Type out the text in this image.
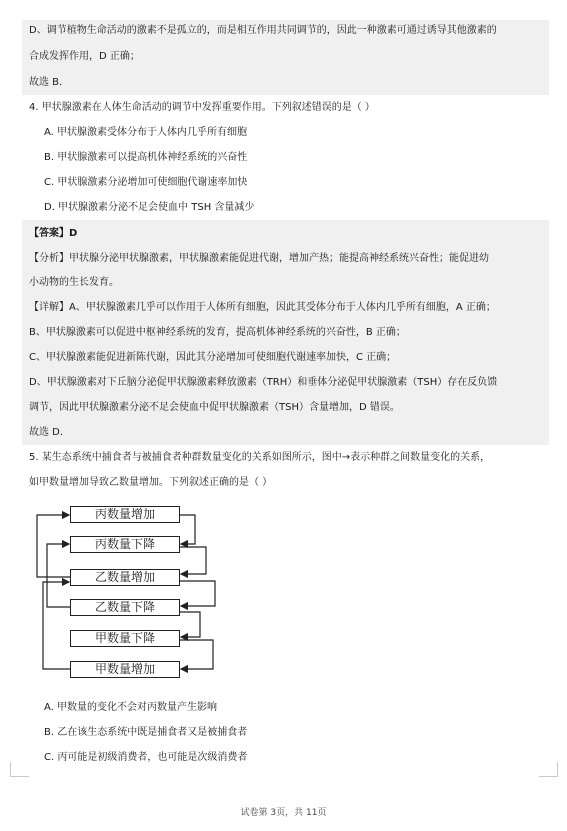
D、调节植物生命活动的激素不是孤立的，而是相互作用共同调节的，因此一种激素可通过诱导其他激素的
合成发挥作用，D 正确；
故选 B.
4. 甲状腺激素在人体生命活动的调节中发挥重要作用。下列叙述错误的是（ ）
A. 甲状腺激素受体分布于人体内几乎所有细胞
B. 甲状腺激素可以提高机体神经系统的兴奋性
C. 甲状腺激素分泌增加可使细胞代谢速率加快
D. 甲状腺激素分泌不足会使血中 TSH 含量减少
【答案】D
【分析】甲状腺分泌甲状腺激素，甲状腺激素能促进代谢，增加产热；能提高神经系统兴奋性；能促进幼
小动物的生长发育。
【详解】A、甲状腺激素几乎可以作用于人体所有细胞，因此其受体分布于人体内几乎所有细胞，A 正确；
B、甲状腺激素可以促进中枢神经系统的发育，提高机体神经系统的兴奋性，B 正确；
C、甲状腺激素能促进新陈代谢，因此其分泌增加可使细胞代谢速率加快，C 正确；
D、甲状腺激素对下丘脑分泌促甲状腺激素释放激素（TRH）和垂体分泌促甲状腺激素（TSH）存在反负馈
调节，因此甲状腺激素分泌不足会使血中促甲状腺激素（TSH）含量增加，D 错误。
故选 D.
5. 某生态系统中捕食者与被捕食者种群数量变化的关系如图所示，图中→表示种群之间数量变化的关系，
如甲数量增加导致乙数量增加。下列叙述正确的是（ ）
丙数量增加
丙数量下降
乙数量增加
乙数量下降
甲数量下降
甲数量增加
A. 甲数量的变化不会对丙数量产生影响
B. 乙在该生态系统中既是捕食者又是被捕食者
C. 丙可能是初级消费者，也可能是次级消费者
试卷第 3页，共 11页
